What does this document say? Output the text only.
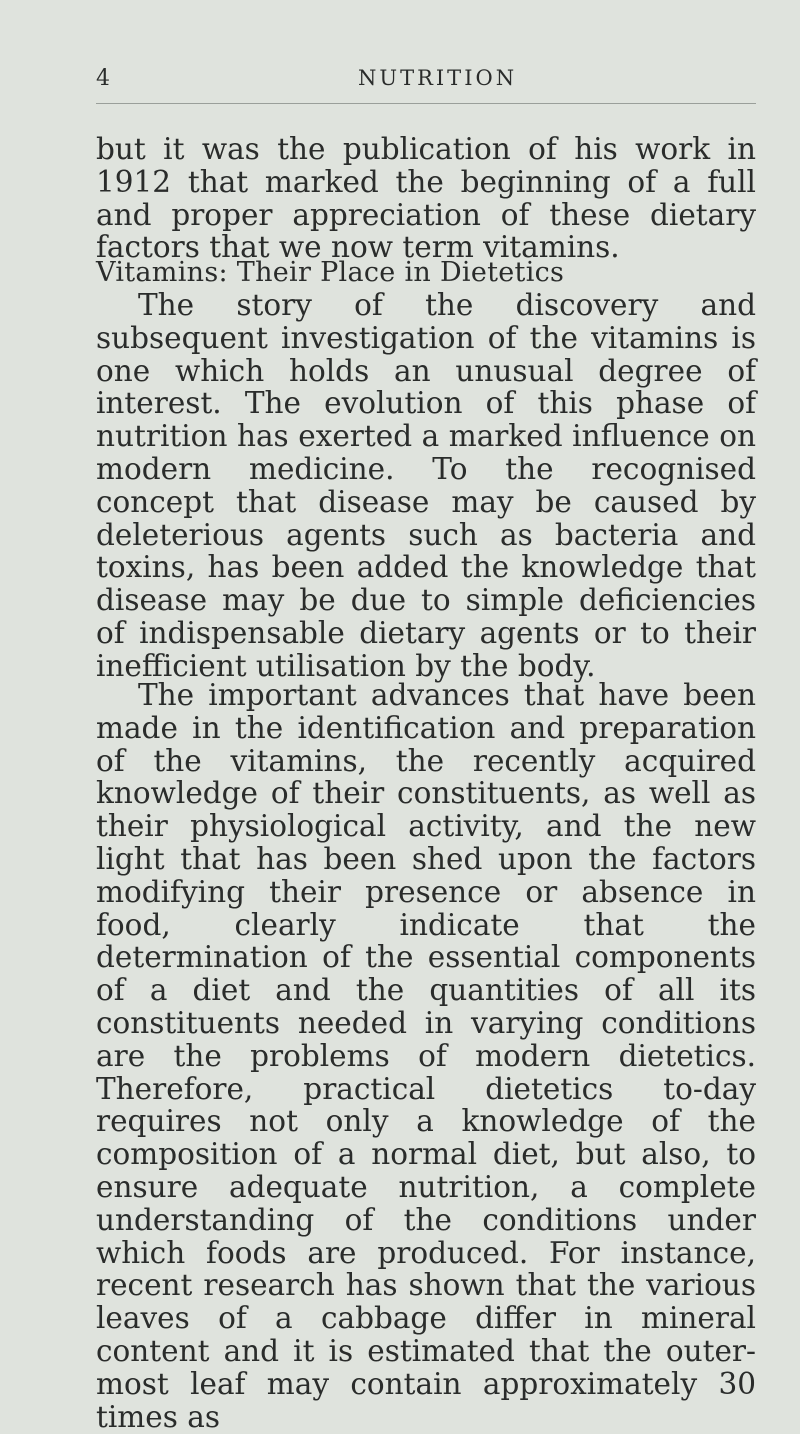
4	NUTRITION

but it was the publication of his work in 1912 that marked the beginning of a full and proper appreciation of these dietary factors that we now term vitamins.

Vitamins: Their Place in Dietetics

The story of the discovery and subsequent investigation of the vitamins is one which holds an unusual degree of interest. The evolution of this phase of nutrition has exerted a marked influence on modern medicine. To the recognised concept that disease may be caused by deleterious agents such as bacteria and toxins, has been added the knowledge that disease may be due to simple deficiencies of indispensable dietary agents or to their inefficient utilisation by the body.

The important advances that have been made in the identification and preparation of the vitamins, the recently acquired knowledge of their constituents, as well as their physiological activity, and the new light that has been shed upon the factors modifying their presence or absence in food, clearly indicate that the determination of the essential components of a diet and the quantities of all its constituents needed in varying conditions are the problems of modern dietetics. Therefore, practical dietetics to-day requires not only a knowledge of the composition of a normal diet, but also, to ensure adequate nutrition, a complete understanding of the conditions under which foods are produced. For instance, recent research has shown that the various leaves of a cabbage differ in mineral content and it is estimated that the outer-most leaf may contain approximately 30 times as
